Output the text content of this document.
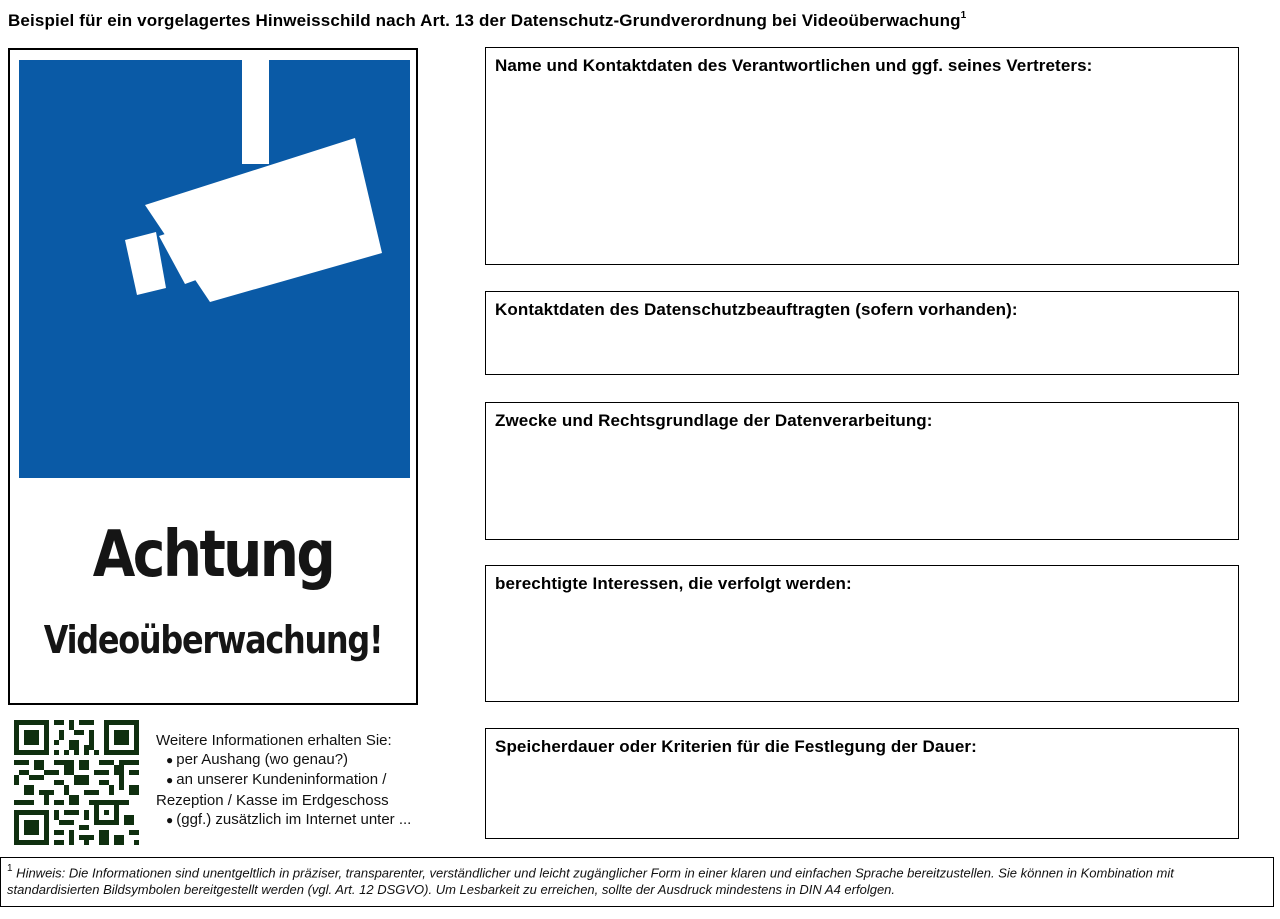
Beispiel für ein vorgelagertes Hinweisschild nach Art. 13 der Datenschutz-Grundverordnung bei Videoüberwachung$^1$
Achtung
Videoüberwachung!
Weitere Informationen erhalten Sie:
● per Aushang (wo genau?)
● an unserer Kundeninformation /
Rezeption / Kasse im Erdgeschoss
● (ggf.) zusätzlich im Internet unter ...
Name und Kontaktdaten des Verantwortlichen und ggf. seines Vertreters:
Kontaktdaten des Datenschutzbeauftragten (sofern vorhanden):
Zwecke und Rechtsgrundlage der Datenverarbeitung:
berechtigte Interessen, die verfolgt werden:
Speicherdauer oder Kriterien für die Festlegung der Dauer:
$^1$ Hinweis: Die Informationen sind unentgeltlich in präziser, transparenter, verständlicher und leicht zugänglicher Form in einer klaren und einfachen Sprache bereitzustellen. Sie können in Kombination mit standardisierten Bildsymbolen bereitgestellt werden (vgl. Art. 12 DSGVO). Um Lesbarkeit zu erreichen, sollte der Ausdruck mindestens in DIN A4 erfolgen.
